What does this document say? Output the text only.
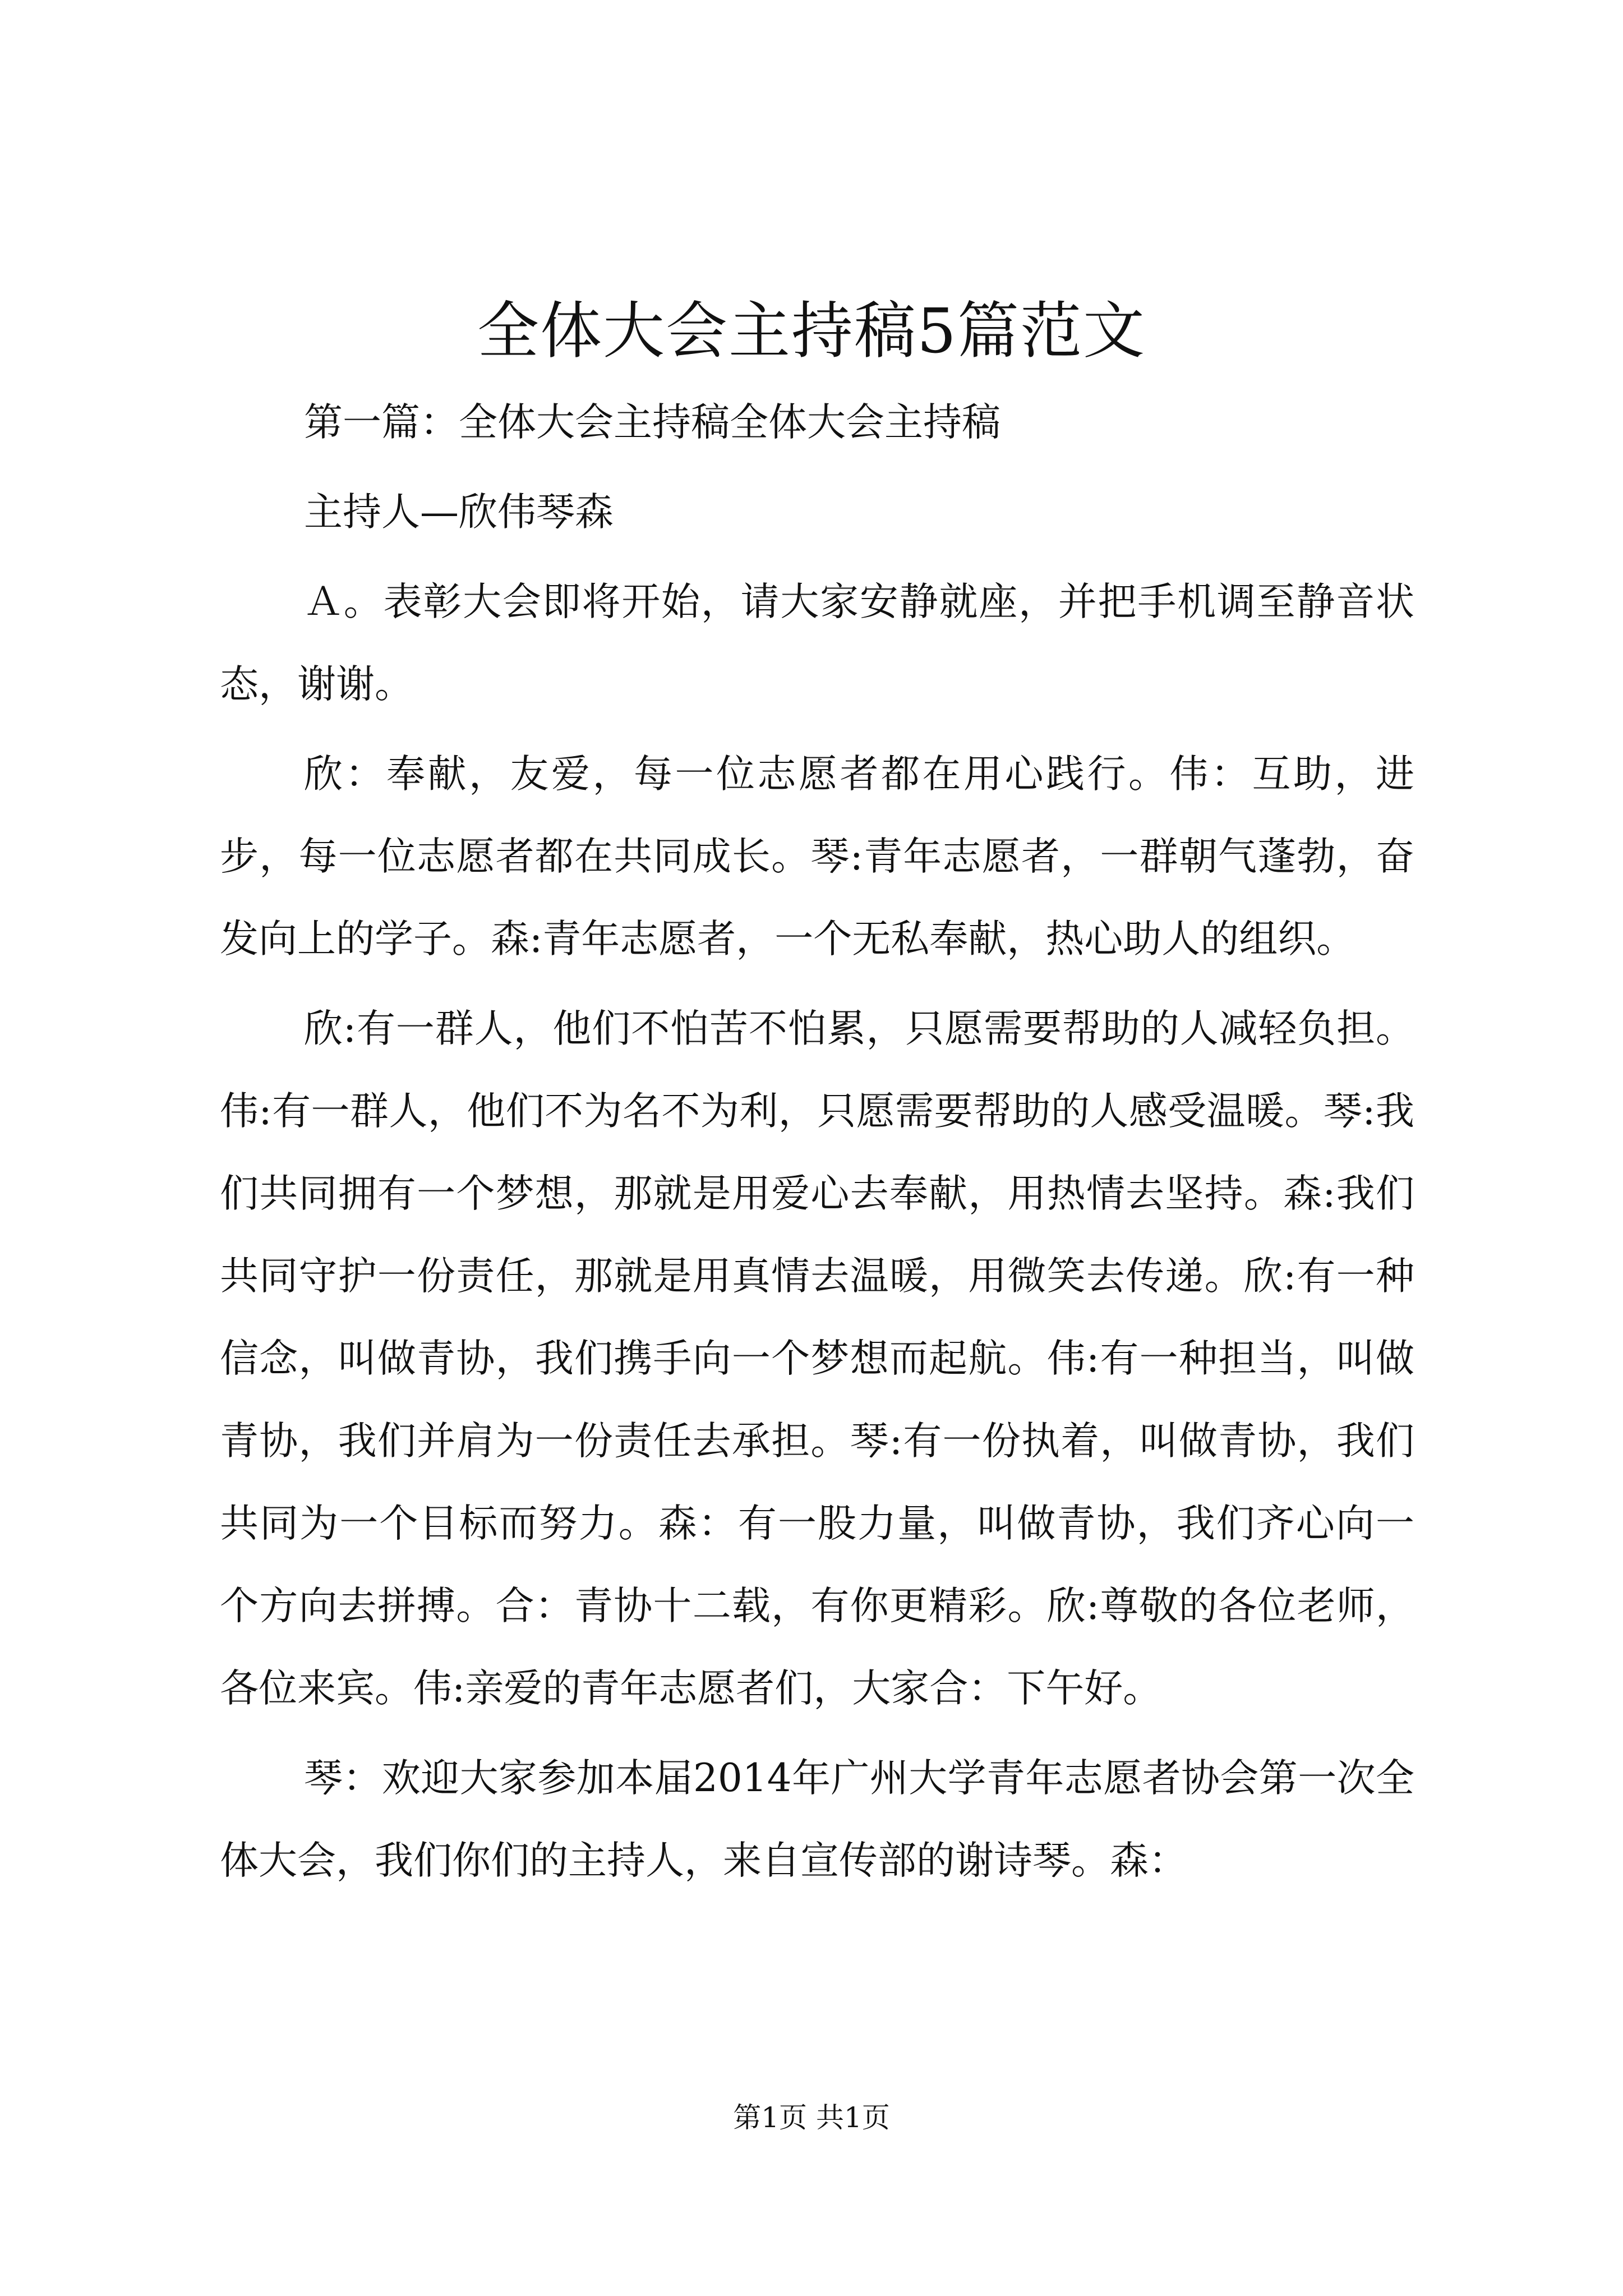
全体大会主持稿5篇范文

第一篇：全体大会主持稿全体大会主持稿

主持人—欣伟琴森

Ａ。表彰大会即将开始，请大家安静就座，并把手机调至静音状态，谢谢。

欣：奉献，友爱，每一位志愿者都在用心践行。伟：互助，进步，每一位志愿者都在共同成长。琴:青年志愿者，一群朝气蓬勃，奋发向上的学子。森:青年志愿者，一个无私奉献，热心助人的组织。

欣:有一群人，他们不怕苦不怕累，只愿需要帮助的人减轻负担。伟:有一群人，他们不为名不为利，只愿需要帮助的人感受温暖。琴:我们共同拥有一个梦想，那就是用爱心去奉献，用热情去坚持。森:我们共同守护一份责任，那就是用真情去温暖，用微笑去传递。欣:有一种信念，叫做青协，我们携手向一个梦想而起航。伟:有一种担当，叫做青协，我们并肩为一份责任去承担。琴:有一份执着，叫做青协，我们共同为一个目标而努力。森：有一股力量，叫做青协，我们齐心向一个方向去拼搏。合：青协十二载，有你更精彩。欣:尊敬的各位老师，各位来宾。伟:亲爱的青年志愿者们，大家合：下午好。

琴：欢迎大家参加本届2014年广州大学青年志愿者协会第一次全体大会，我们你们的主持人，来自宣传部的谢诗琴。森：

第1页 共1页
